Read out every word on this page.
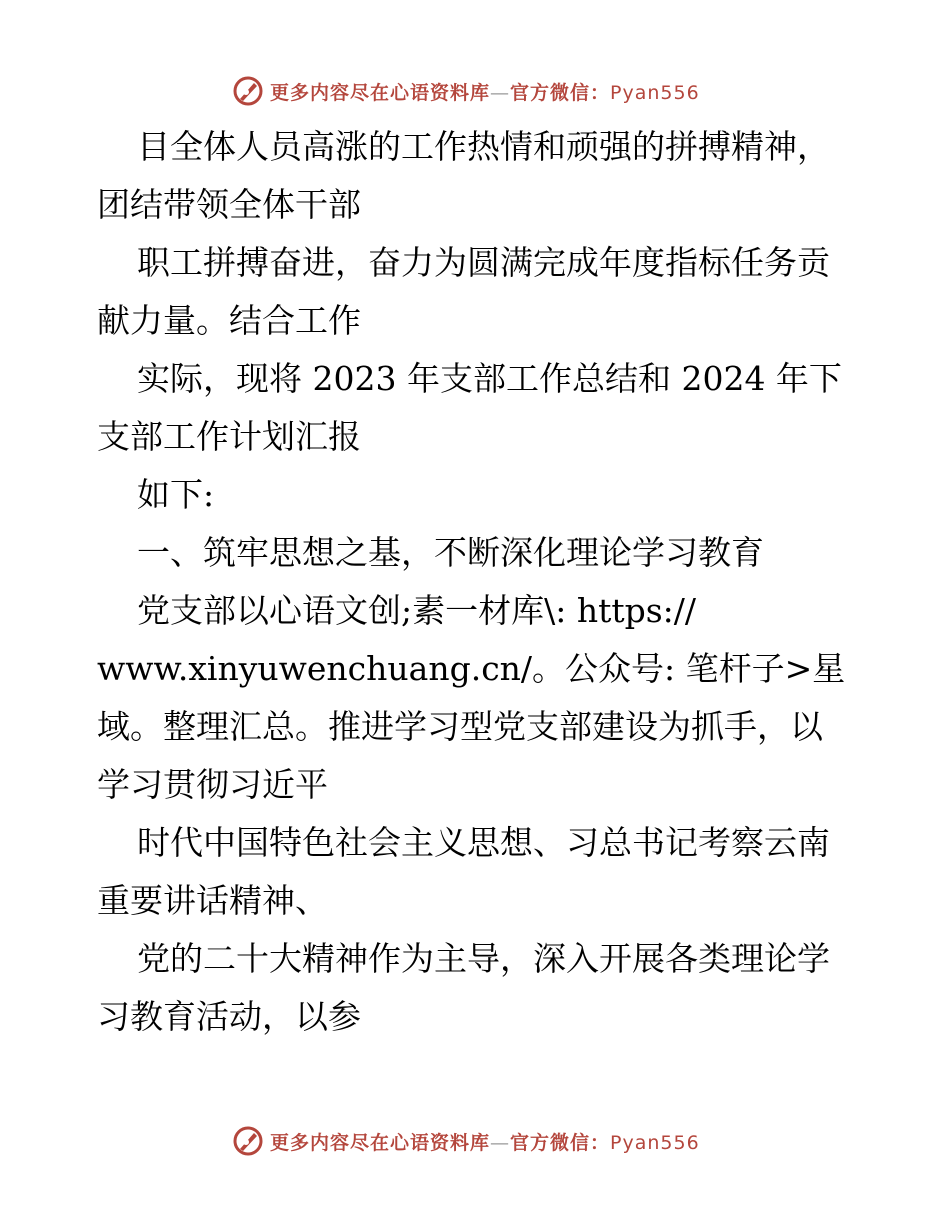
更多内容尽在心语资料库—官方微信：Pyan556

目全体人员高涨的工作热情和顽强的拼搏精神，

团结带领全体干部

职工拼搏奋进，奋力为圆满完成年度指标任务贡

献力量。结合工作

实际，现将 2023 年支部工作总结和 2024 年下

支部工作计划汇报

如下:

一、筑牢思想之基，不断深化理论学习教育

党支部以心语文创;素一材库\: https://

www.xinyuwenchuang.cn/。公众号: 笔杆子>星

域。整理汇总。推进学习型党支部建设为抓手，以

学习贯彻习近平

时代中国特色社会主义思想、习总书记考察云南

重要讲话精神、

党的二十大精神作为主导，深入开展各类理论学

习教育活动，以参

更多内容尽在心语资料库—官方微信：Pyan556
